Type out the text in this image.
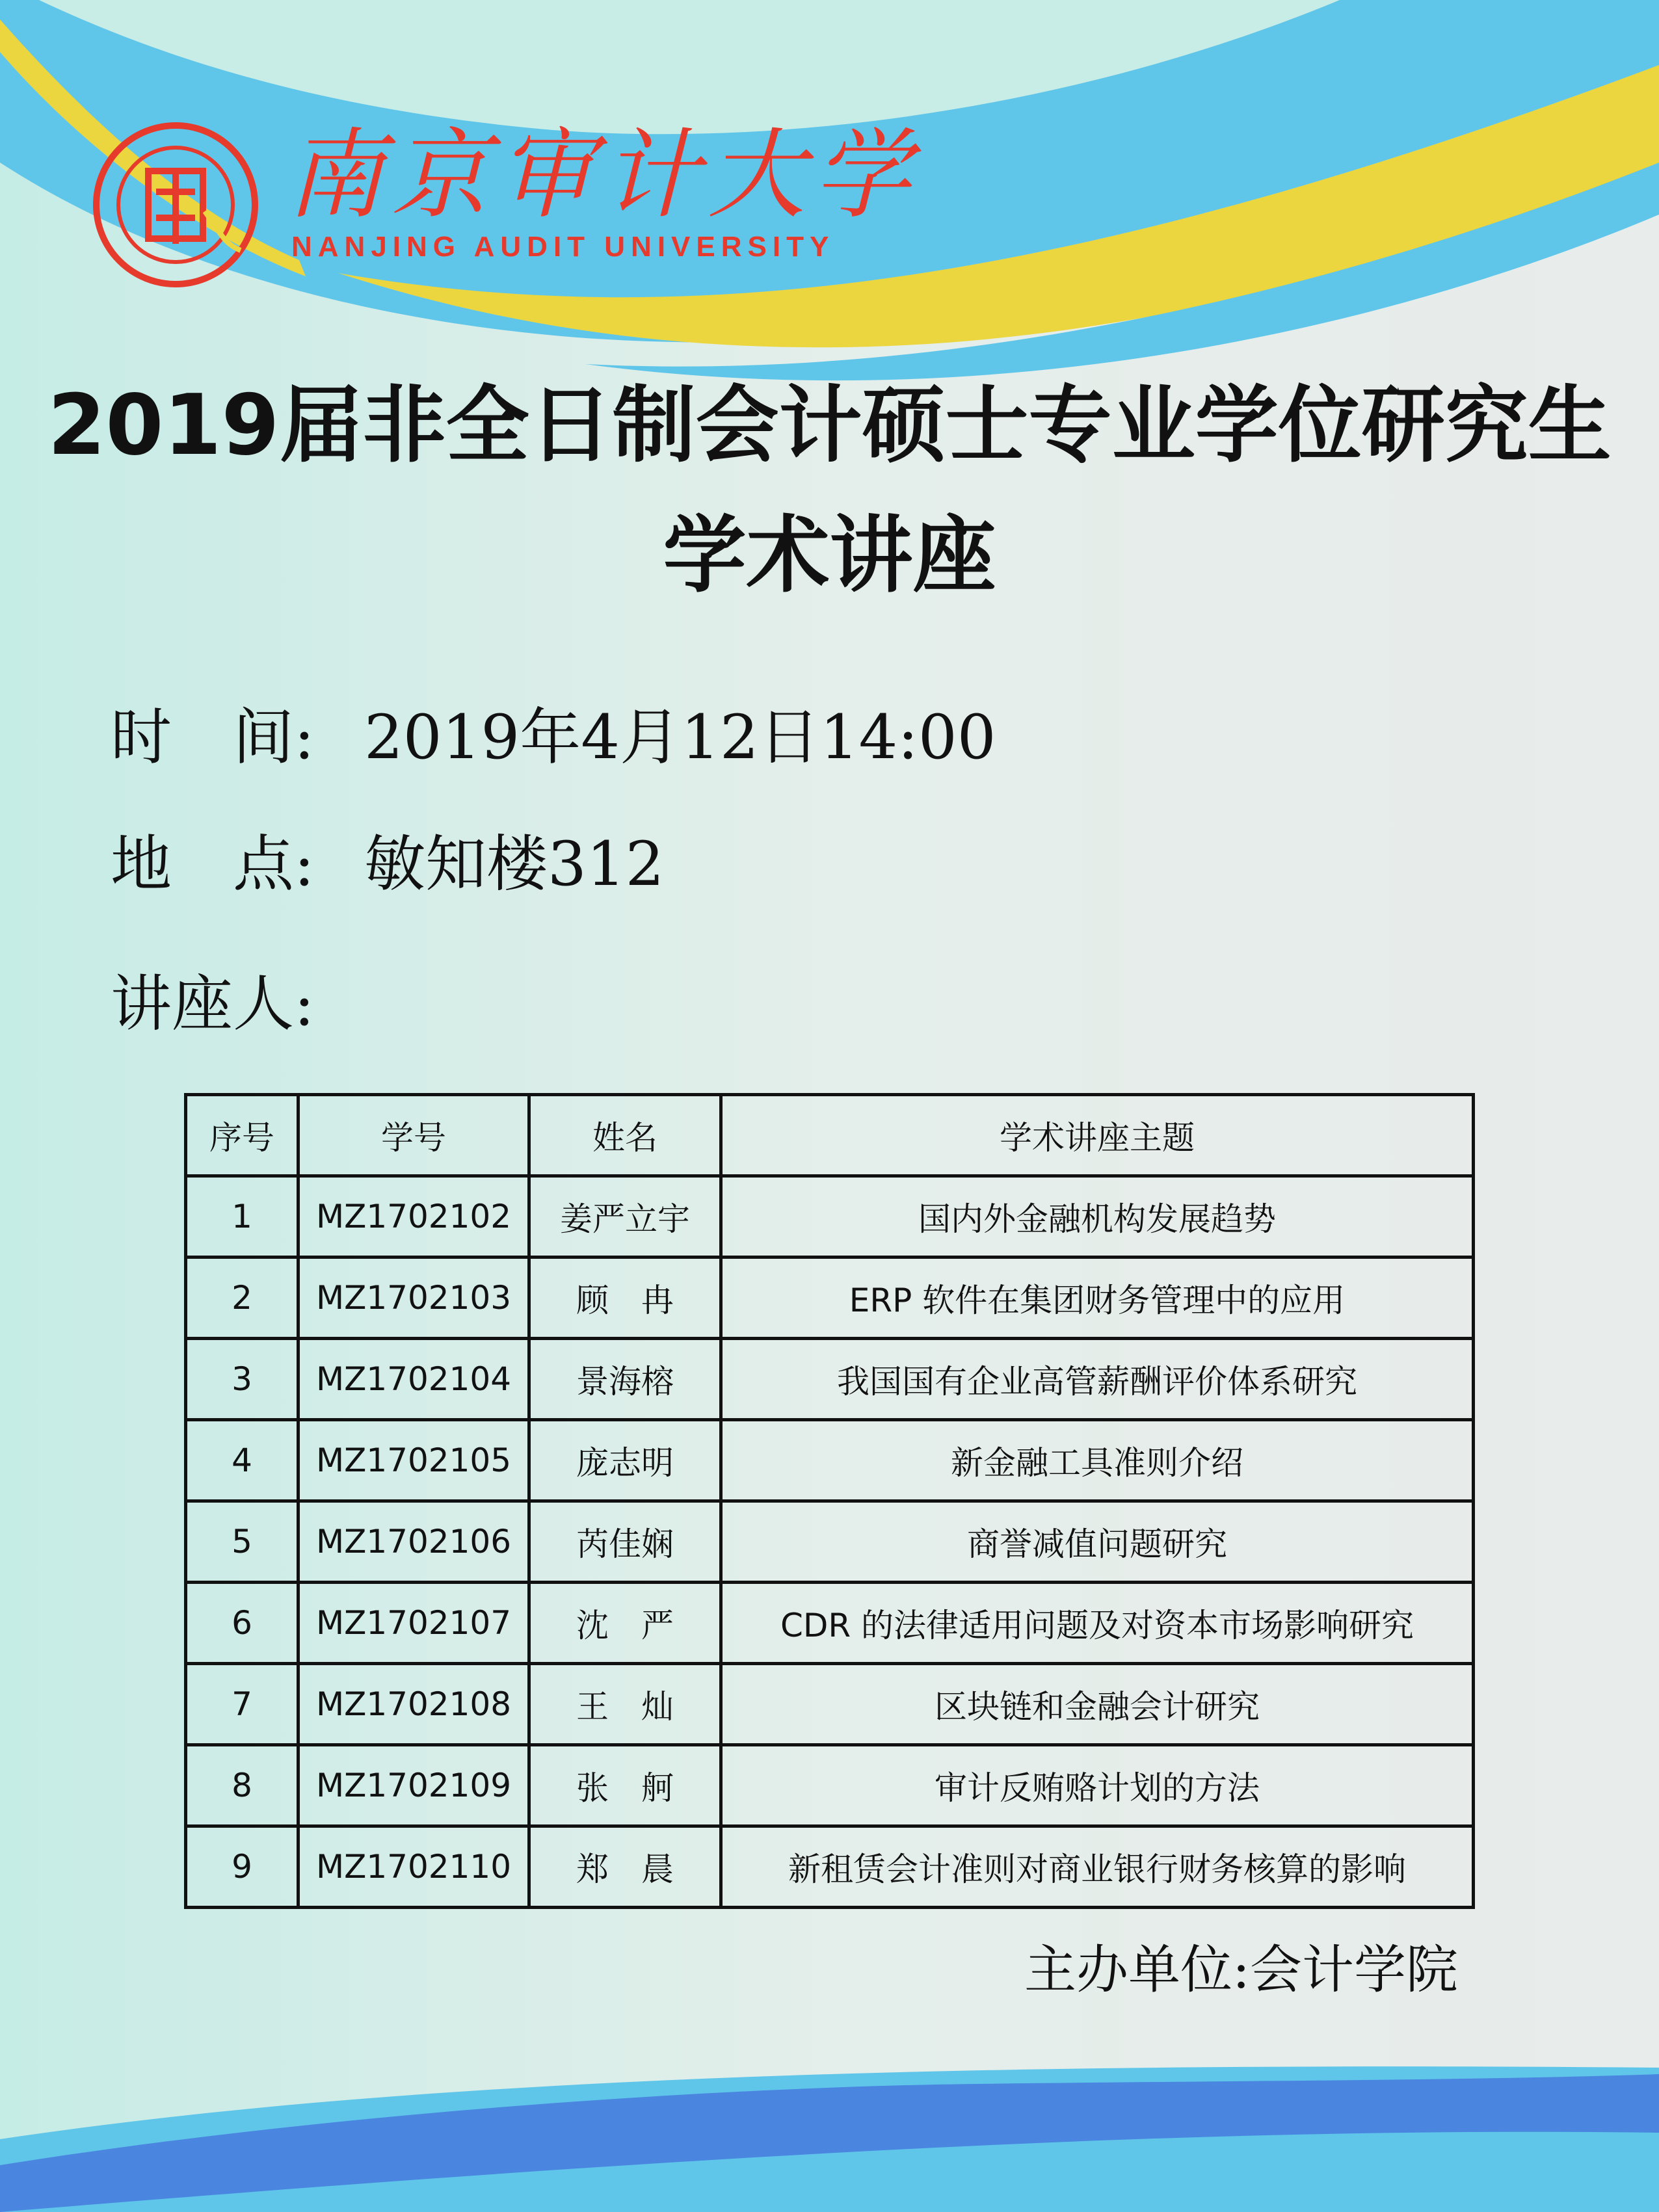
南京审计大学
NANJING AUDIT UNIVERSITY
2019届非全日制会计硕士专业学位研究生
学术讲座
时　间: 2019年4月12日14:00
地　点: 敏知楼312
讲座人:
序号	学号	姓名	学术讲座主题
1	MZ1702102	姜严立宇	国内外金融机构发展趋势
2	MZ1702103	顾　冉	ERP 软件在集团财务管理中的应用
3	MZ1702104	景海榕	我国国有企业高管薪酬评价体系研究
4	MZ1702105	庞志明	新金融工具准则介绍
5	MZ1702106	芮佳娴	商誉减值问题研究
6	MZ1702107	沈　严	CDR 的法律适用问题及对资本市场影响研究
7	MZ1702108	王　灿	区块链和金融会计研究
8	MZ1702109	张　舸	审计反贿赂计划的方法
9	MZ1702110	郑　晨	新租赁会计准则对商业银行财务核算的影响
主办单位:会计学院
